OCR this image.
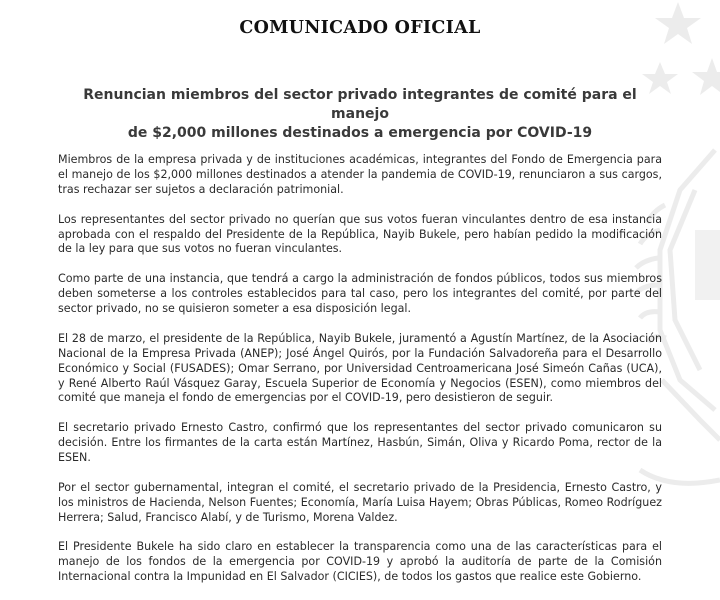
COMUNICADO OFICIAL
Renuncian miembros del sector privado integrantes de comité para el manejo
de $2,000 millones destinados a emergencia por COVID-19

Miembros de la empresa privada y de instituciones académicas, integrantes del Fondo de Emergencia para el manejo de los $2,000 millones destinados a atender la pandemia de COVID-19, renunciaron a sus cargos, tras rechazar ser sujetos a declaración patrimonial.

Los representantes del sector privado no querían que sus votos fueran vinculantes dentro de esa instancia aprobada con el respaldo del Presidente de la República, Nayib Bukele, pero habían pedido la modificación de la ley para que sus votos no fueran vinculantes.

Como parte de una instancia, que tendrá a cargo la administración de fondos públicos, todos sus miembros deben someterse a los controles establecidos para tal caso, pero los integrantes del comité, por parte del sector privado, no se quisieron someter a esa disposición legal.

El 28 de marzo, el presidente de la República, Nayib Bukele, juramentó a Agustín Martínez, de la Asociación Nacional de la Empresa Privada (ANEP); José Ángel Quirós, por la Fundación Salvadoreña para el Desarrollo Económico y Social (FUSADES); Omar Serrano, por Universidad Centroamericana José Simeón Cañas (UCA), y René Alberto Raúl Vásquez Garay, Escuela Superior de Economía y Negocios (ESEN), como miembros del comité que maneja el fondo de emergencias por el COVID-19, pero desistieron de seguir.

El secretario privado Ernesto Castro, confirmó que los representantes del sector privado comunicaron su decisión. Entre los firmantes de la carta están Martínez, Hasbún, Simán, Oliva y Ricardo Poma, rector de la ESEN.

Por el sector gubernamental, integran el comité, el secretario privado de la Presidencia, Ernesto Castro, y los ministros de Hacienda, Nelson Fuentes; Economía, María Luisa Hayem; Obras Públicas, Romeo Rodríguez Herrera; Salud, Francisco Alabí, y de Turismo, Morena Valdez.

El Presidente Bukele ha sido claro en establecer la transparencia como una de las características para el manejo de los fondos de la emergencia por COVID-19 y aprobó la auditoría de parte de la Comisión Internacional contra la Impunidad en El Salvador (CICIES), de todos los gastos que realice este Gobierno.
